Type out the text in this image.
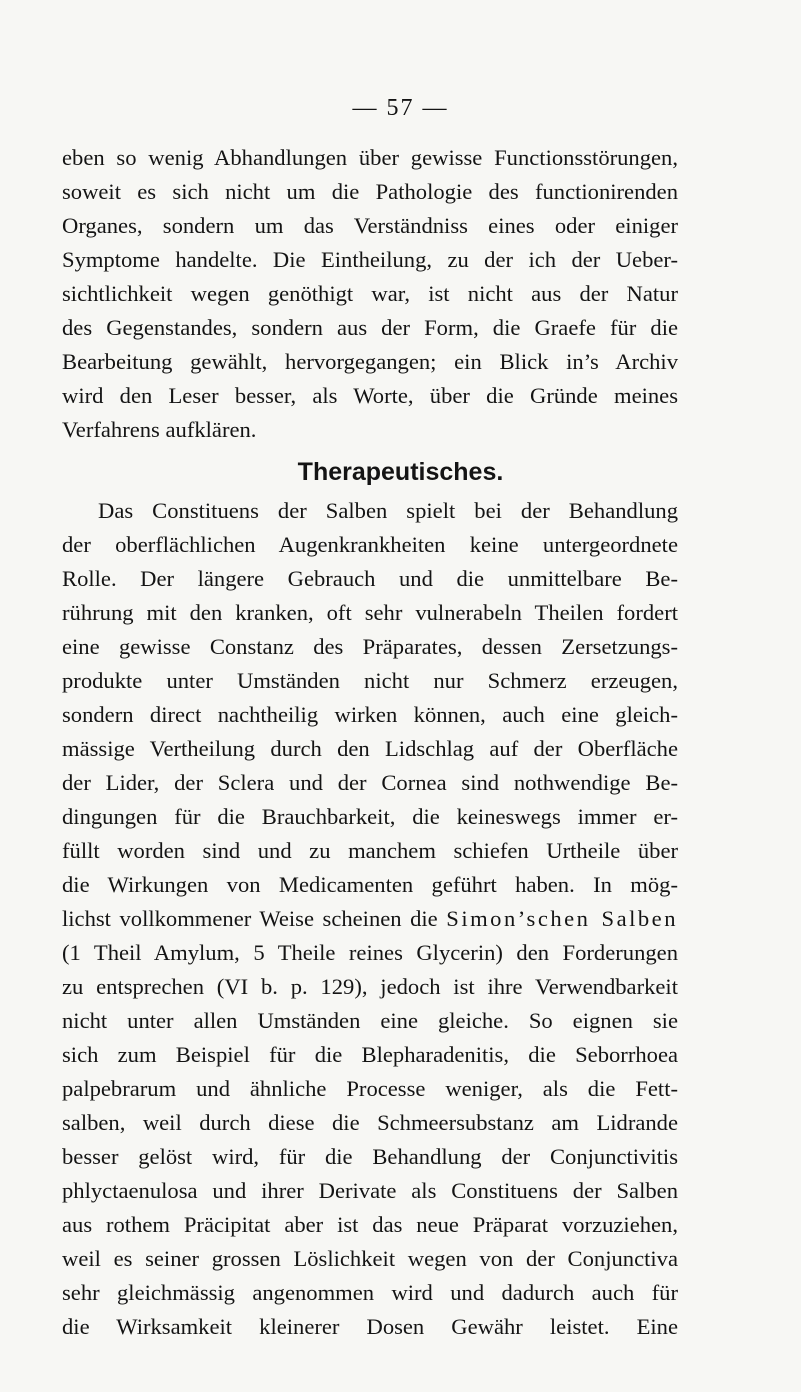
— 57 —
eben so wenig Abhandlungen über gewisse Functionsstörungen,
soweit es sich nicht um die Pathologie des functionirenden
Organes, sondern um das Verständniss eines oder einiger
Symptome handelte. Die Eintheilung, zu der ich der Ueber-
sichtlichkeit wegen genöthigt war, ist nicht aus der Natur
des Gegenstandes, sondern aus der Form, die Graefe für die
Bearbeitung gewählt, hervorgegangen; ein Blick in’s Archiv
wird den Leser besser, als Worte, über die Gründe meines
Verfahrens aufklären.
Therapeutisches.
Das Constituens der Salben spielt bei der Behandlung
der oberflächlichen Augenkrankheiten keine untergeordnete
Rolle. Der längere Gebrauch und die unmittelbare Be-
rührung mit den kranken, oft sehr vulnerabeln Theilen fordert
eine gewisse Constanz des Präparates, dessen Zersetzungs-
produkte unter Umständen nicht nur Schmerz erzeugen,
sondern direct nachtheilig wirken können, auch eine gleich-
mässige Vertheilung durch den Lidschlag auf der Oberfläche
der Lider, der Sclera und der Cornea sind nothwendige Be-
dingungen für die Brauchbarkeit, die keineswegs immer er-
füllt worden sind und zu manchem schiefen Urtheile über
die Wirkungen von Medicamenten geführt haben. In mög-
lichst vollkommener Weise scheinen die Simon’schen Salben
(1 Theil Amylum, 5 Theile reines Glycerin) den Forderungen
zu entsprechen (VI b. p. 129), jedoch ist ihre Verwendbarkeit
nicht unter allen Umständen eine gleiche. So eignen sie
sich zum Beispiel für die Blepharadenitis, die Seborrhoea
palpebrarum und ähnliche Processe weniger, als die Fett-
salben, weil durch diese die Schmeersubstanz am Lidrande
besser gelöst wird, für die Behandlung der Conjunctivitis
phlyctaenulosa und ihrer Derivate als Constituens der Salben
aus rothem Präcipitat aber ist das neue Präparat vorzuziehen,
weil es seiner grossen Löslichkeit wegen von der Conjunctiva
sehr gleichmässig angenommen wird und dadurch auch für
die Wirksamkeit kleinerer Dosen Gewähr leistet. Eine
